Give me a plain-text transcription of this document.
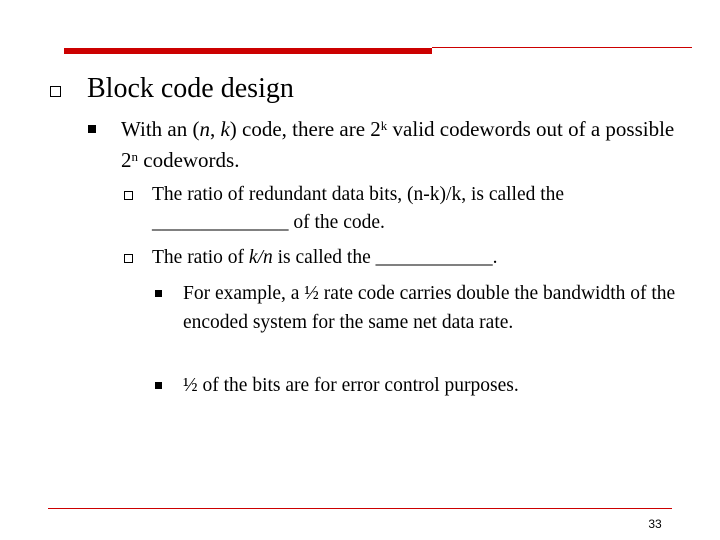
Block code design
With an (n, k) code, there are 2$^k$ valid codewords out of a possible 2$^n$ codewords.
The ratio of redundant data bits, (n-k)/k, is called the ______________ of the code.
The ratio of k/n is called the ____________.
For example, a ½ rate code carries double the bandwidth of the encoded system for the same net data rate.
½ of the bits are for error control purposes.
33
